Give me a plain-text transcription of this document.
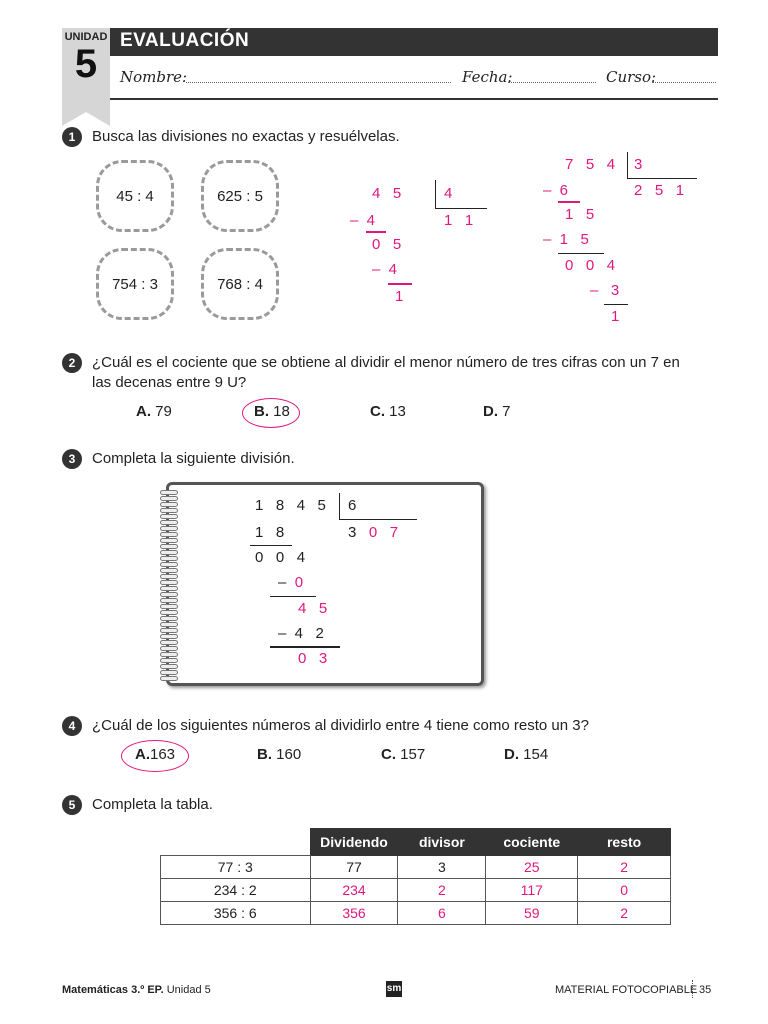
UNIDAD
5
EVALUACIÓN
Nombre:	Fecha:	Curso:
1	Busca las divisiones no exactas y resuélvelas.
45 : 4	625 : 5
754 : 3	768 : 4
4   5	4
1   1
–  4
0   5
–  4
1
7   5   4 3
2   5   1
–  6
1   5
–  1   5
0   0   4
–   3
1
2	¿Cuál es el cociente que se obtiene al dividir el menor número de tres cifras con un 7 en
las decenas entre 9 U?
A. 79	B. 18	C. 13	D. 7
3	Completa la siguiente división.
1   8   4   5 6
3   0 7
1   8
0   0   4
–  0
4   5
–  4   2
0   3
4	¿Cuál de los siguientes números al dividirlo entre 4 tiene como resto un 3?
A.163	B. 160	C. 157	D. 154
5	Completa la tabla.
	Dividendo	divisor	cociente	resto
77 : 3	77	3	25	2
234 : 2	234	2	117	0
356 : 6	356	6	59	2
Matemáticas 3.º EP. Unidad 5	sm	MATERIAL FOTOCOPIABLE 35
